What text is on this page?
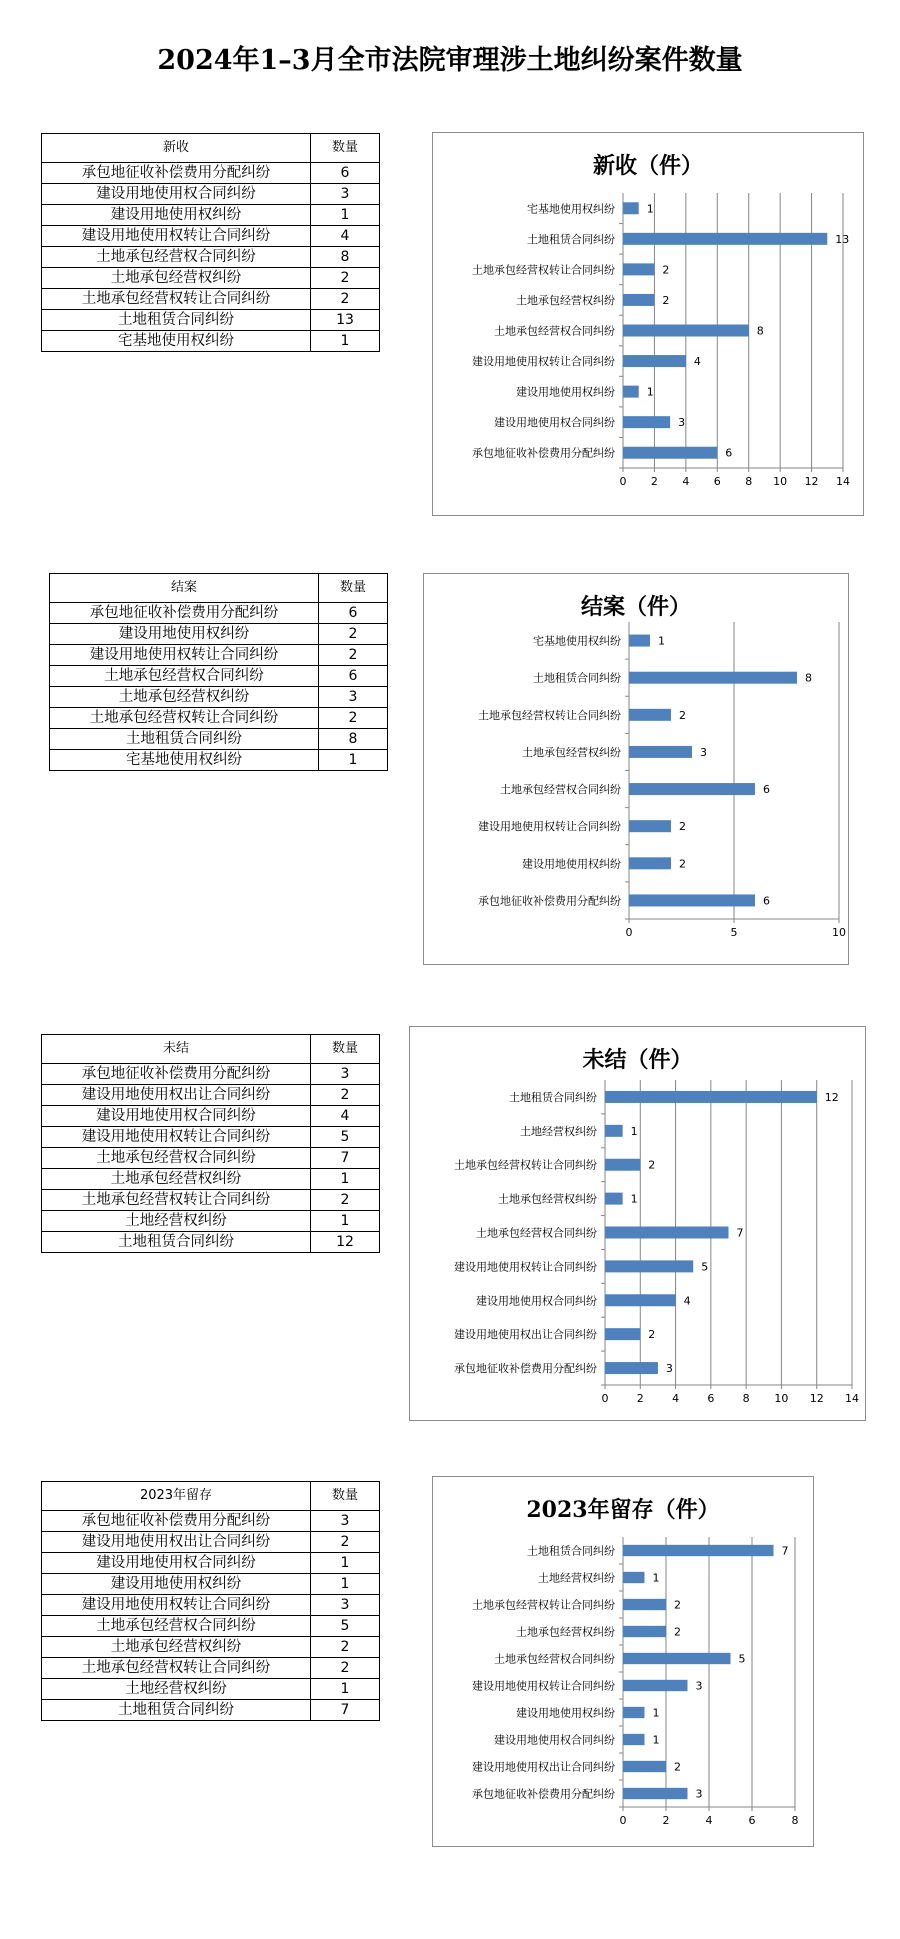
2024年1–3月全市法院审理涉土地纠纷案件数量
新收	数量
承包地征收补偿费用分配纠纷	6
建设用地使用权合同纠纷	3
建设用地使用权纠纷	1
建设用地使用权转让合同纠纷	4
土地承包经营权合同纠纷	8
土地承包经营权纠纷	2
土地承包经营权转让合同纠纷	2
土地租赁合同纠纷	13
宅基地使用权纠纷	1
新收（件）
0 2 4 6 8 10 12 14
承包地征收补偿费用分配纠纷	6
建设用地使用权合同纠纷	3
建设用地使用权纠纷	1
建设用地使用权转让合同纠纷	4
土地承包经营权合同纠纷	8
土地承包经营权纠纷	2
土地承包经营权转让合同纠纷	2
土地租赁合同纠纷	13
宅基地使用权纠纷	1
结案	数量
承包地征收补偿费用分配纠纷	6
建设用地使用权纠纷	2
建设用地使用权转让合同纠纷	2
土地承包经营权合同纠纷	6
土地承包经营权纠纷	3
土地承包经营权转让合同纠纷	2
土地租赁合同纠纷	8
宅基地使用权纠纷	1
结案（件）
0	5	10
承包地征收补偿费用分配纠纷	6
建设用地使用权纠纷	2
建设用地使用权转让合同纠纷	2
土地承包经营权合同纠纷	6
土地承包经营权纠纷	3
土地承包经营权转让合同纠纷	2
土地租赁合同纠纷	8
宅基地使用权纠纷	1
未结	数量
承包地征收补偿费用分配纠纷	3
建设用地使用权出让合同纠纷	2
建设用地使用权合同纠纷	4
建设用地使用权转让合同纠纷	5
土地承包经营权合同纠纷	7
土地承包经营权纠纷	1
土地承包经营权转让合同纠纷	2
土地经营权纠纷	1
土地租赁合同纠纷	12
未结（件）
0	2	4	6	8 10 12 14
承包地征收补偿费用分配纠纷	3
建设用地使用权出让合同纠纷	2
建设用地使用权合同纠纷	4
建设用地使用权转让合同纠纷	5
土地承包经营权合同纠纷	7
土地承包经营权纠纷	1
土地承包经营权转让合同纠纷	2
土地经营权纠纷	1
土地租赁合同纠纷	12
2023年留存	数量
承包地征收补偿费用分配纠纷	3
建设用地使用权出让合同纠纷	2
建设用地使用权合同纠纷	1
建设用地使用权纠纷	1
建设用地使用权转让合同纠纷	3
土地承包经营权合同纠纷	5
土地承包经营权纠纷	2
土地承包经营权转让合同纠纷	2
土地经营权纠纷	1
土地租赁合同纠纷	7
2023年留存（件）
0	2	4	6	8
承包地征收补偿费用分配纠纷	3
建设用地使用权出让合同纠纷	2
建设用地使用权合同纠纷	1
建设用地使用权纠纷	1
建设用地使用权转让合同纠纷	3
土地承包经营权合同纠纷	5
土地承包经营权纠纷	2
土地承包经营权转让合同纠纷	2
土地经营权纠纷	1
土地租赁合同纠纷	7
